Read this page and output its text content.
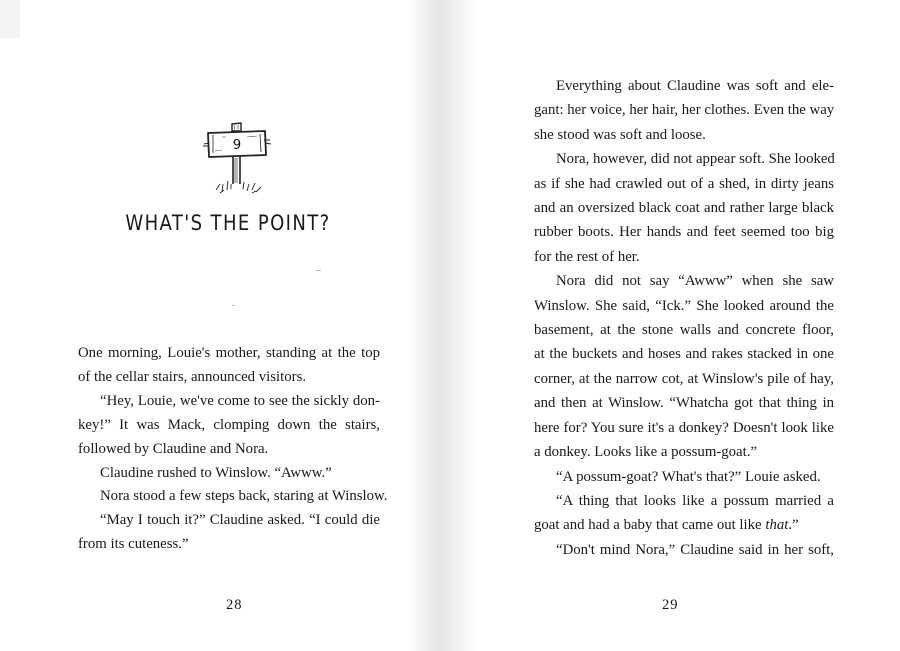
9
WHAT'S THE POINT?

One morning, Louie's mother, standing at the top
of the cellar stairs, announced visitors.

“Hey, Louie, we've come to see the sickly don-
key!” It was Mack, clomping down the stairs,
followed by Claudine and Nora.

Claudine rushed to Winslow. “Awww.”

Nora stood a few steps back, staring at Winslow.

“May I touch it?” Claudine asked. “I could die
from its cuteness.”

Everything about Claudine was soft and ele-
gant: her voice, her hair, her clothes. Even the way
she stood was soft and loose.

Nora, however, did not appear soft. She looked
as if she had crawled out of a shed, in dirty jeans
and an oversized black coat and rather large black
rubber boots. Her hands and feet seemed too big
for the rest of her.

Nora did not say “Awww” when she saw
Winslow. She said, “Ick.” She looked around the
basement, at the stone walls and concrete floor,
at the buckets and hoses and rakes stacked in one
corner, at the narrow cot, at Winslow's pile of hay,
and then at Winslow. “Whatcha got that thing in
here for? You sure it's a donkey? Doesn't look like
a donkey. Looks like a possum-goat.”

“A possum-goat? What's that?” Louie asked.

“A thing that looks like a possum married a
goat and had a baby that came out like that.”

“Don't mind Nora,” Claudine said in her soft,

28	29
